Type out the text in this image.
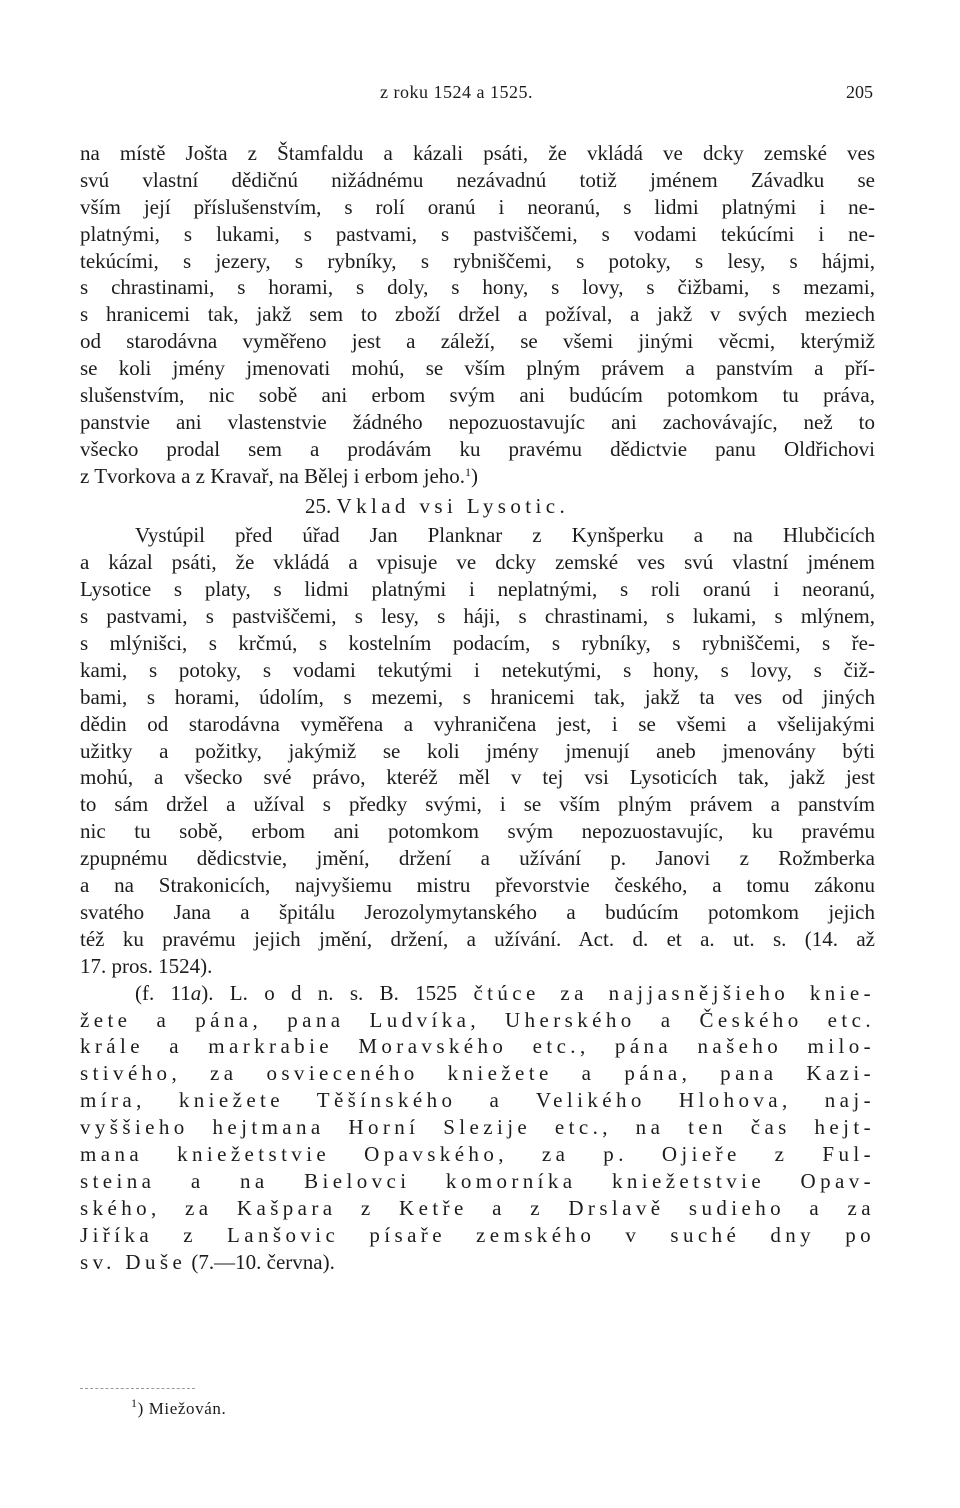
z roku 1524 a 1525.	205
na místě Jošta z Štamfaldu a kázali psáti, že vkládá ve dcky zemské ves
svú vlastní dědičnú nižádnému nezávadnú totiž jménem Závadku se
vším její příslušenstvím, s rolí oranú i neoranú, s lidmi platnými i ne-
platnými, s lukami, s pastvami, s pastviščemi, s vodami tekúcími i ne-
tekúcími, s jezery, s rybníky, s rybniščemi, s potoky, s lesy, s hájmi,
s chrastinami, s horami, s doly, s hony, s lovy, s čižbami, s mezami,
s hranicemi tak, jakž sem to zboží držel a požíval, a jakž v svých meziech
od starodávna vyměřeno jest a záleží, se všemi jinými věcmi, kterýmiž
se koli jmény jmenovati mohú, se vším plným právem a panstvím a pří-
slušenstvím, nic sobě ani erbom svým ani budúcím potomkom tu práva,
panstvie ani vlastenstvie žádného nepozuostavujíc ani zachovávajíc, než to
všecko prodal sem a prodávám ku pravému dědictvie panu Oldřichovi
z Tvorkova a z Kravař, na Bělej i erbom jeho.$^1$)
25. Vklad vsi Lysotic.
Vystúpil před úřad Jan Planknar z Kynšperku a na Hlubčicích
a kázal psáti, že vkládá a vpisuje ve dcky zemské ves svú vlastní jménem
Lysotice s platy, s lidmi platnými i neplatnými, s roli oranú i neoranú,
s pastvami, s pastviščemi, s lesy, s háji, s chrastinami, s lukami, s mlýnem,
s mlýnišci, s krčmú, s kostelním podacím, s rybníky, s rybniščemi, s ře-
kami, s potoky, s vodami tekutými i netekutými, s hony, s lovy, s čiž-
bami, s horami, údolím, s mezemi, s hranicemi tak, jakž ta ves od jiných
dědin od starodávna vyměřena a vyhraničena jest, i se všemi a všelijakými
užitky a požitky, jakýmiž se koli jmény jmenují aneb jmenovány býti
mohú, a všecko své právo, kteréž měl v tej vsi Lysoticích tak, jakž jest
to sám držel a užíval s předky svými, i se vším plným právem a panstvím
nic tu sobě, erbom ani potomkom svým nepozuostavujíc, ku pravému
zpupnému dědicstvie, jmění, držení a užívání p. Janovi z Rožmberka
a na Strakonicích, najvyšiemu mistru převorstvie českého, a tomu zákonu
svatého Jana a špitálu Jerozolymytanského a budúcím potomkom jejich
též ku pravému jejich jmění, držení, a užívání. Act. d. et a. ut. s. (14. až
17. pros. 1524).
(f. 11a). L. o d n. s. B. 1525 čtúce za najjasnějšieho knie-
žete a pána, pana Ludvíka, Uherského a Českého etc.
krále a markrabie Moravského etc., pána našeho milo-
stivého, za osvieceného kniežete a pána, pana Kazi-
míra, kniežete Těšínského a Velikého Hlohova, naj-
vyššieho hejtmana Horní Slezije etc., na ten čas hejt-
mana kniežetstvie Opavského, za p. Ojieře z Ful-
steina a na Bielovci komorníka kniežetstvie Opav-
ského, za Kašpara z Ketře a z Drslavě sudieho a za
Jiříka z Lanšovic písaře zemského v suché dny po
sv. Duše (7.—10. června).
$^1$) Miežován.
